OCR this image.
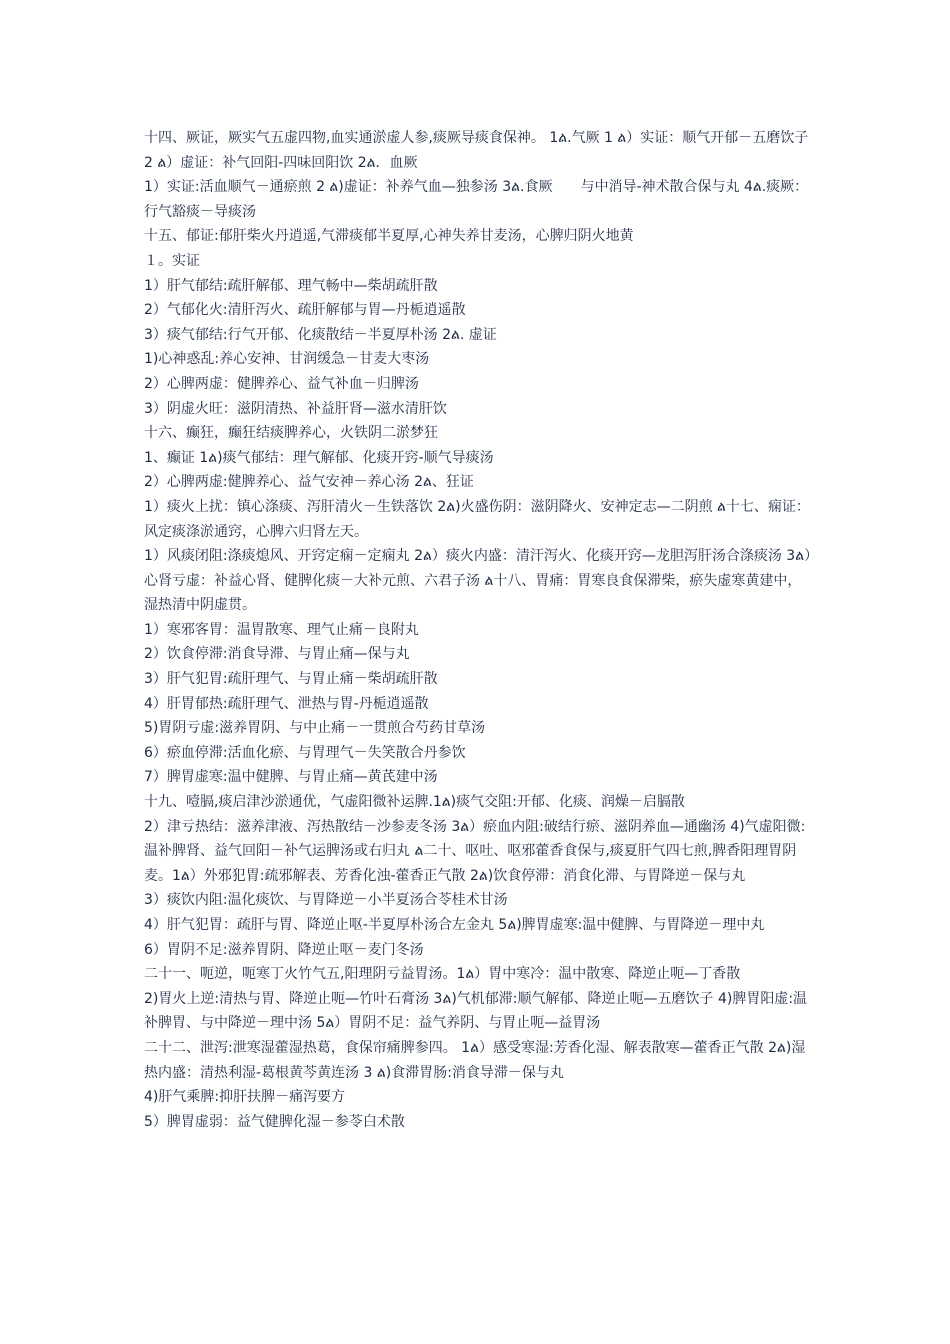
十四、厥证，厥实气五虚四物,血实通淤虚人参,痰厥导痰食保神。 1ል.气厥 1 ል）实证：顺气开郁－五磨饮子 2 ል）虚证：补气回阳-四味回阳饮 2ል．血厥

1）实证:活血顺气－通瘀煎 2 ል)虚证：补养气血—独参汤 3ል.食厥　　与中消导-神术散合保与丸 4ል.痰厥：行气豁痰－导痰汤

十五、郁证:郁肝柴火丹逍遥,气滞痰郁半夏厚,心神失养甘麦汤，心脾归阴火地黄

１。实证

1）肝气郁结:疏肝解郁、理气畅中—柴胡疏肝散

2）气郁化火:清肝泻火、疏肝解郁与胃—丹栀逍遥散

3）痰气郁结:行气开郁、化痰散结－半夏厚朴汤 2ል. 虚证

1)心神惑乱:养心安神、甘润缓急－甘麦大枣汤

2）心脾两虚：健脾养心、益气补血－归脾汤

3）阴虚火旺：滋阴清热、补益肝肾—滋水清肝饮

十六、癫狂，癫狂结痰脾养心，火铁阴二淤梦狂

1、癫证 1ል)痰气郁结：理气解郁、化痰开窍-顺气导痰汤

2）心脾两虚:健脾养心、益气安神－养心汤 2ል、狂证

1）痰火上扰：镇心涤痰、泻肝清火－生铁落饮 2ል)火盛伤阴：滋阴降火、安神定志—二阴煎 ል十七、痫证：风定痰涤淤通窍，心脾六归肾左天。

1）风痰闭阻:涤痰熄风、开窍定痫－定痫丸 2ል）痰火内盛：清汗泻火、化痰开窍—龙胆泻肝汤合涤痰汤 3ል）心肾亏虚：补益心肾、健脾化痰－大补元煎、六君子汤 ል十八、胃痛：胃寒良食保滞柴，瘀失虚寒黄建中，湿热清中阴虚贯。

1）寒邪客胃：温胃散寒、理气止痛－良附丸

2）饮食停滞:消食导滞、与胃止痛—保与丸

3）肝气犯胃:疏肝理气、与胃止痛－柴胡疏肝散

4）肝胃郁热:疏肝理气、泄热与胃-丹栀逍遥散

5)胃阴亏虚:滋养胃阴、与中止痛－一贯煎合芍药甘草汤

6）瘀血停滞:活血化瘀、与胃理气－失笑散合丹参饮

7）脾胃虚寒:温中健脾、与胃止痛—黄芪建中汤

十九、噎膈,痰启津沙淤通优，气虚阳微补运脾.1ል)痰气交阻:开郁、化痰、润燥－启膈散

2）津亏热结：滋养津液、泻热散结－沙参麦冬汤 3ል）瘀血内阻:破结行瘀、滋阴养血—通幽汤 4)气虚阳微:温补脾肾、益气回阳－补气运脾汤或右归丸 ል二十、呕吐、呕邪藿香食保与,痰夏肝气四七煎,脾香阳理胃阴麦。1ል）外邪犯胃:疏邪解表、芳香化浊-藿香正气散 2ል)饮食停滞：消食化滞、与胃降逆－保与丸

3）痰饮内阻:温化痰饮、与胃降逆－小半夏汤合苓桂术甘汤

4）肝气犯胃：疏肝与胃、降逆止呕-半夏厚朴汤合左金丸 5ል)脾胃虚寒:温中健脾、与胃降逆－理中丸

6）胃阴不足:滋养胃阴、降逆止呕－麦门冬汤

二十一、呃逆，呃寒丁火竹气五,阳理阴亏益胃汤。1ል）胃中寒冷：温中散寒、降逆止呃—丁香散

2)胃火上逆:清热与胃、降逆止呃—竹叶石膏汤 3ል)气机郁滞:顺气解郁、降逆止呃—五磨饮子 4)脾胃阳虚:温补脾胃、与中降逆－理中汤 5ል）胃阴不足：益气养阴、与胃止呃—益胃汤

二十二、泄泻:泄寒湿藿湿热葛，食保帘痛脾参四。 1ል）感受寒湿:芳香化湿、解表散寒—藿香正气散 2ል)湿热内盛：清热利湿-葛根黄芩黄连汤 3 ል)食滞胃肠:消食导滞－保与丸

4)肝气乘脾:抑肝扶脾－痛泻要方

5）脾胃虚弱：益气健脾化湿－参苓白术散
